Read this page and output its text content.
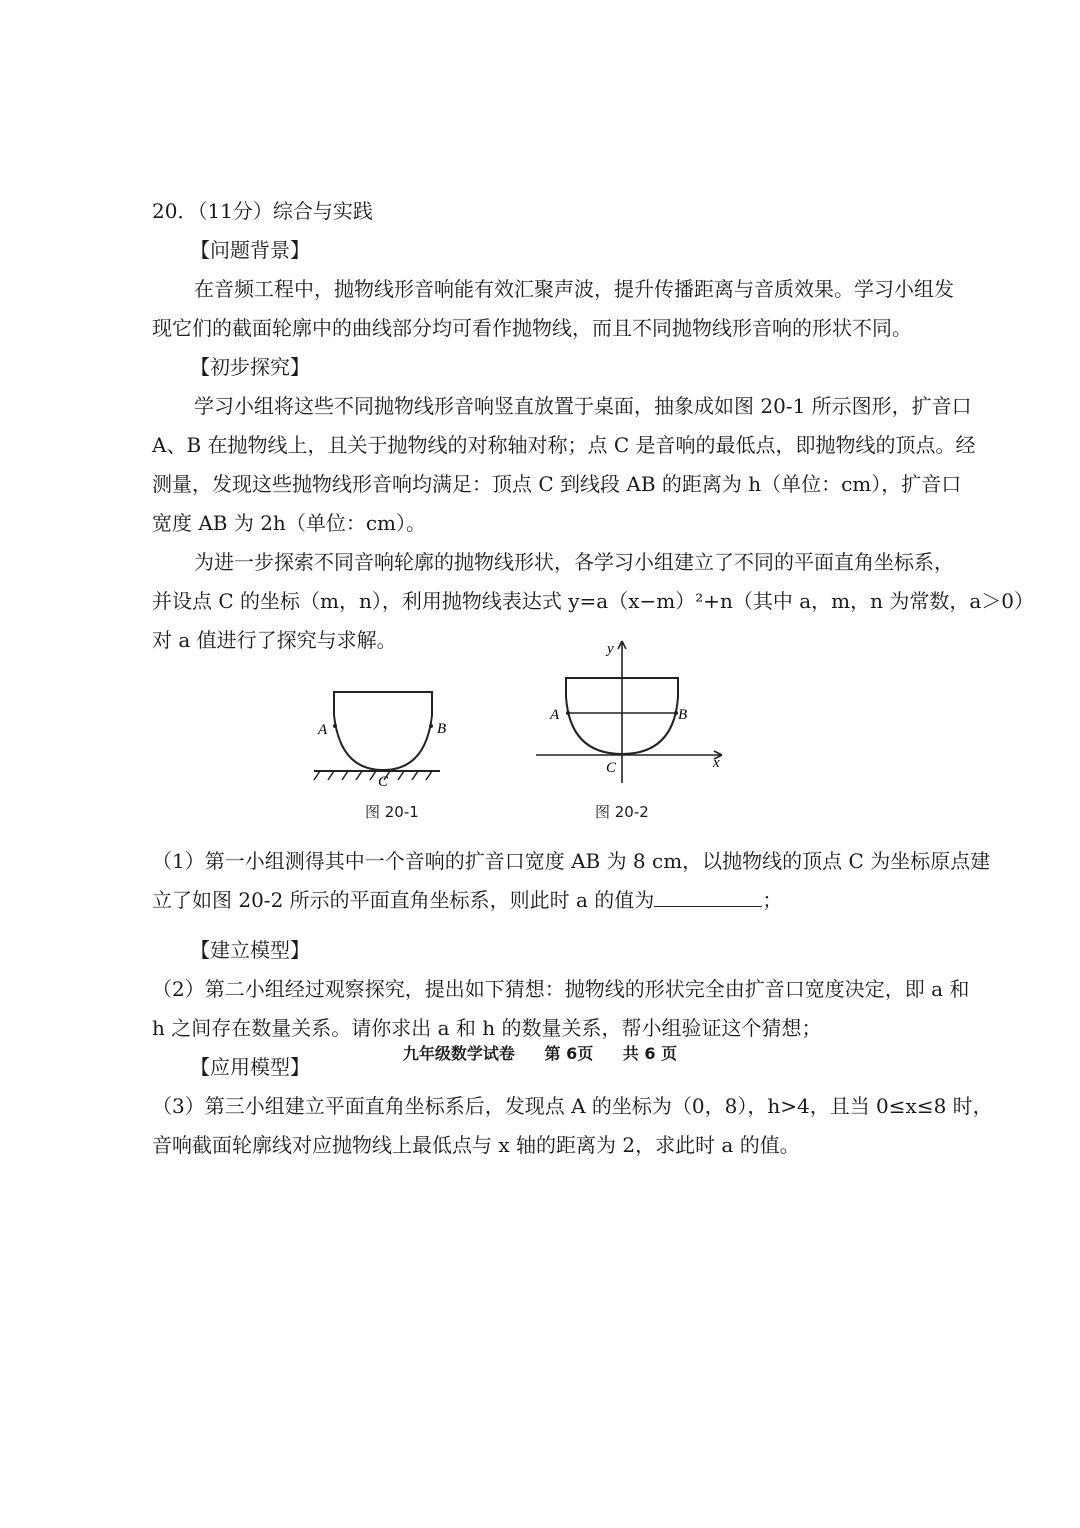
20．（11分）综合与实践
【问题背景】
在音频工程中，抛物线形音响能有效汇聚声波，提升传播距离与音质效果。学习小组发
现它们的截面轮廓中的曲线部分均可看作抛物线，而且不同抛物线形音响的形状不同。
【初步探究】
学习小组将这些不同抛物线形音响竖直放置于桌面，抽象成如图 20-1 所示图形，扩音口
A、B 在抛物线上，且关于抛物线的对称轴对称；点 C 是音响的最低点，即抛物线的顶点。经
测量，发现这些抛物线形音响均满足：顶点 C 到线段 AB 的距离为 h（单位：cm），扩音口
宽度 AB 为 2h（单位：cm）。
为进一步探索不同音响轮廓的抛物线形状，各学习小组建立了不同的平面直角坐标系，
并设点 C 的坐标（m，n），利用抛物线表达式 y=a（x−m）²+n（其中 a，m，n 为常数，a＞0）
对 a 值进行了探究与求解。
A	B
C
图 20-1
y
x
A	B
C
图 20-2
（1）第一小组测得其中一个音响的扩音口宽度 AB 为 8 cm，以抛物线的顶点 C 为坐标原点建
立了如图 20-2 所示的平面直角坐标系，则此时 a 的值为	；
【建立模型】
（2）第二小组经过观察探究，提出如下猜想：抛物线的形状完全由扩音口宽度决定，即 a 和
h 之间存在数量关系。请你求出 a 和 h 的数量关系，帮小组验证这个猜想；
【应用模型】
（3）第三小组建立平面直角坐标系后，发现点 A 的坐标为（0，8），h>4，且当 0≤x≤8 时，
音响截面轮廓线对应抛物线上最低点与 x 轴的距离为 2，求此时 a 的值。
九年级数学试卷 第 6页 共 6 页
